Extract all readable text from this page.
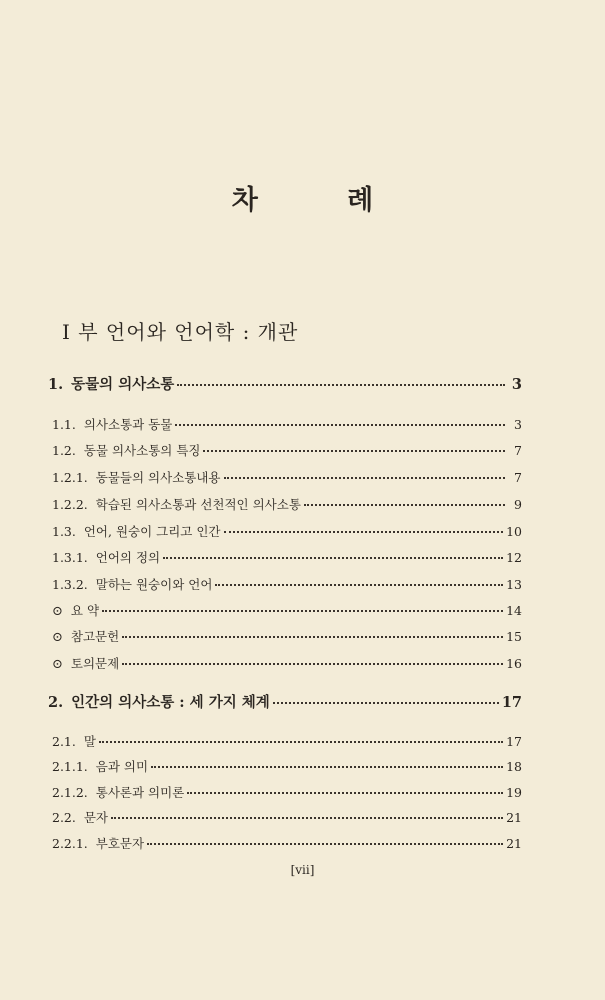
차 례
I 부 언어와 언어학 : 개관
1. 동물의 의사소통	3
1.1. 의사소통과 동물	3
1.2. 동물 의사소통의 특징	7
1.2.1. 동물들의 의사소통내용	7
1.2.2. 학습된 의사소통과 선천적인 의사소통	9
1.3. 언어, 원숭이 그리고 인간	10
1.3.1. 언어의 정의	12
1.3.2. 말하는 원숭이와 언어	13
⊙ 요 약	14
⊙ 참고문헌	15
⊙ 토의문제	16
2. 인간의 의사소통 : 세 가지 체계	17
2.1. 말	17
2.1.1. 음과 의미	18
2.1.2. 통사론과 의미론	19
2.2. 문자	21
2.2.1. 부호문자	21
[vii]
